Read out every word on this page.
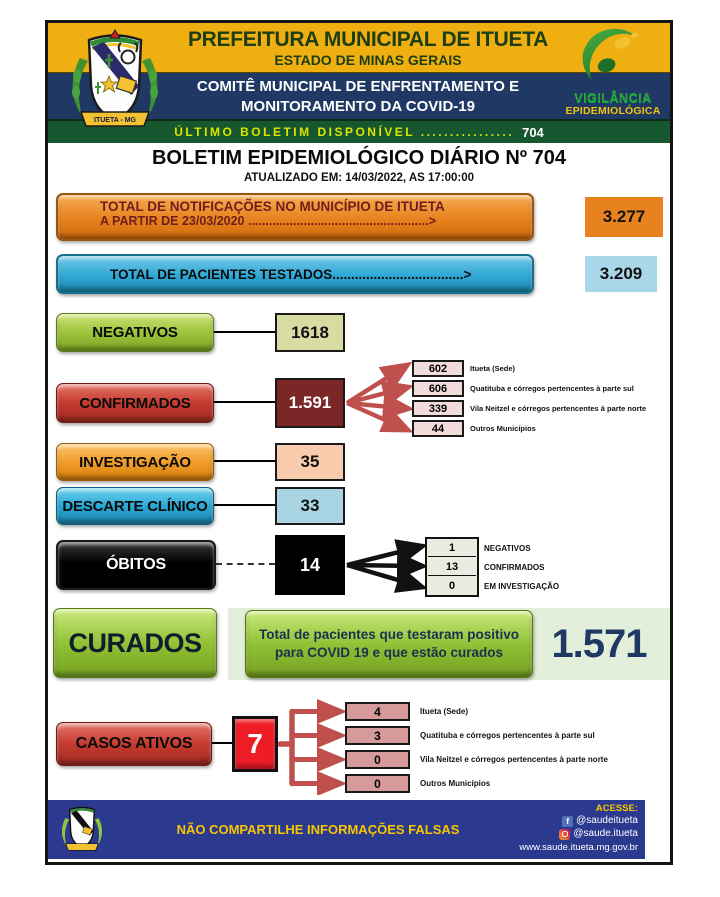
PREFEITURA MUNICIPAL DE ITUETA
ESTADO DE MINAS GERAIS
COMITÊ MUNICIPAL DE ENFRENTAMENTO E
MONITORAMENTO DA COVID-19
ÚLTIMO BOLETIM DISPONÍVEL ................ 704
ITUETA - MG
VIGILÂNCIA
EPIDEMIOLÓGICA
BOLETIM EPIDEMIOLÓGICO DIÁRIO Nº 704
ATUALIZADO EM: 14/03/2022, AS 17:00:00
TOTAL DE NOTIFICAÇÕES NO MUNICÍPIO DE ITUETA
A PARTIR DE 23/03/2020 ....................................................>	3.277
TOTAL DE PACIENTES TESTADOS...................................>	3.209
NEGATIVOS	1618
CONFIRMADOS	1.591
602	Itueta (Sede)
606	Quatituba e córregos pertencentes à parte sul
339	Vila Neitzel e córregos pertencentes à parte norte
44	Outros Municípios
INVESTIGAÇÃO	35
DESCARTE CLÍNICO	33
ÓBITOS	14
1	NEGATIVOS
13	CONFIRMADOS
0	EM INVESTIGAÇÃO
CURADOS	Total de pacientes que testaram positivo para COVID 19 e que estão curados	1.571
CASOS ATIVOS	7
4	Itueta (Sede)
3	Quatituba e córregos pertencentes à parte sul
0	Vila Neitzel e córregos pertencentes à parte norte
0	Outros Municípios
NÃO COMPARTILHE INFORMAÇÕES FALSAS
ACESSE:
f
@saudeitueta
@saude.itueta
www.saude.itueta.mg.gov.br
